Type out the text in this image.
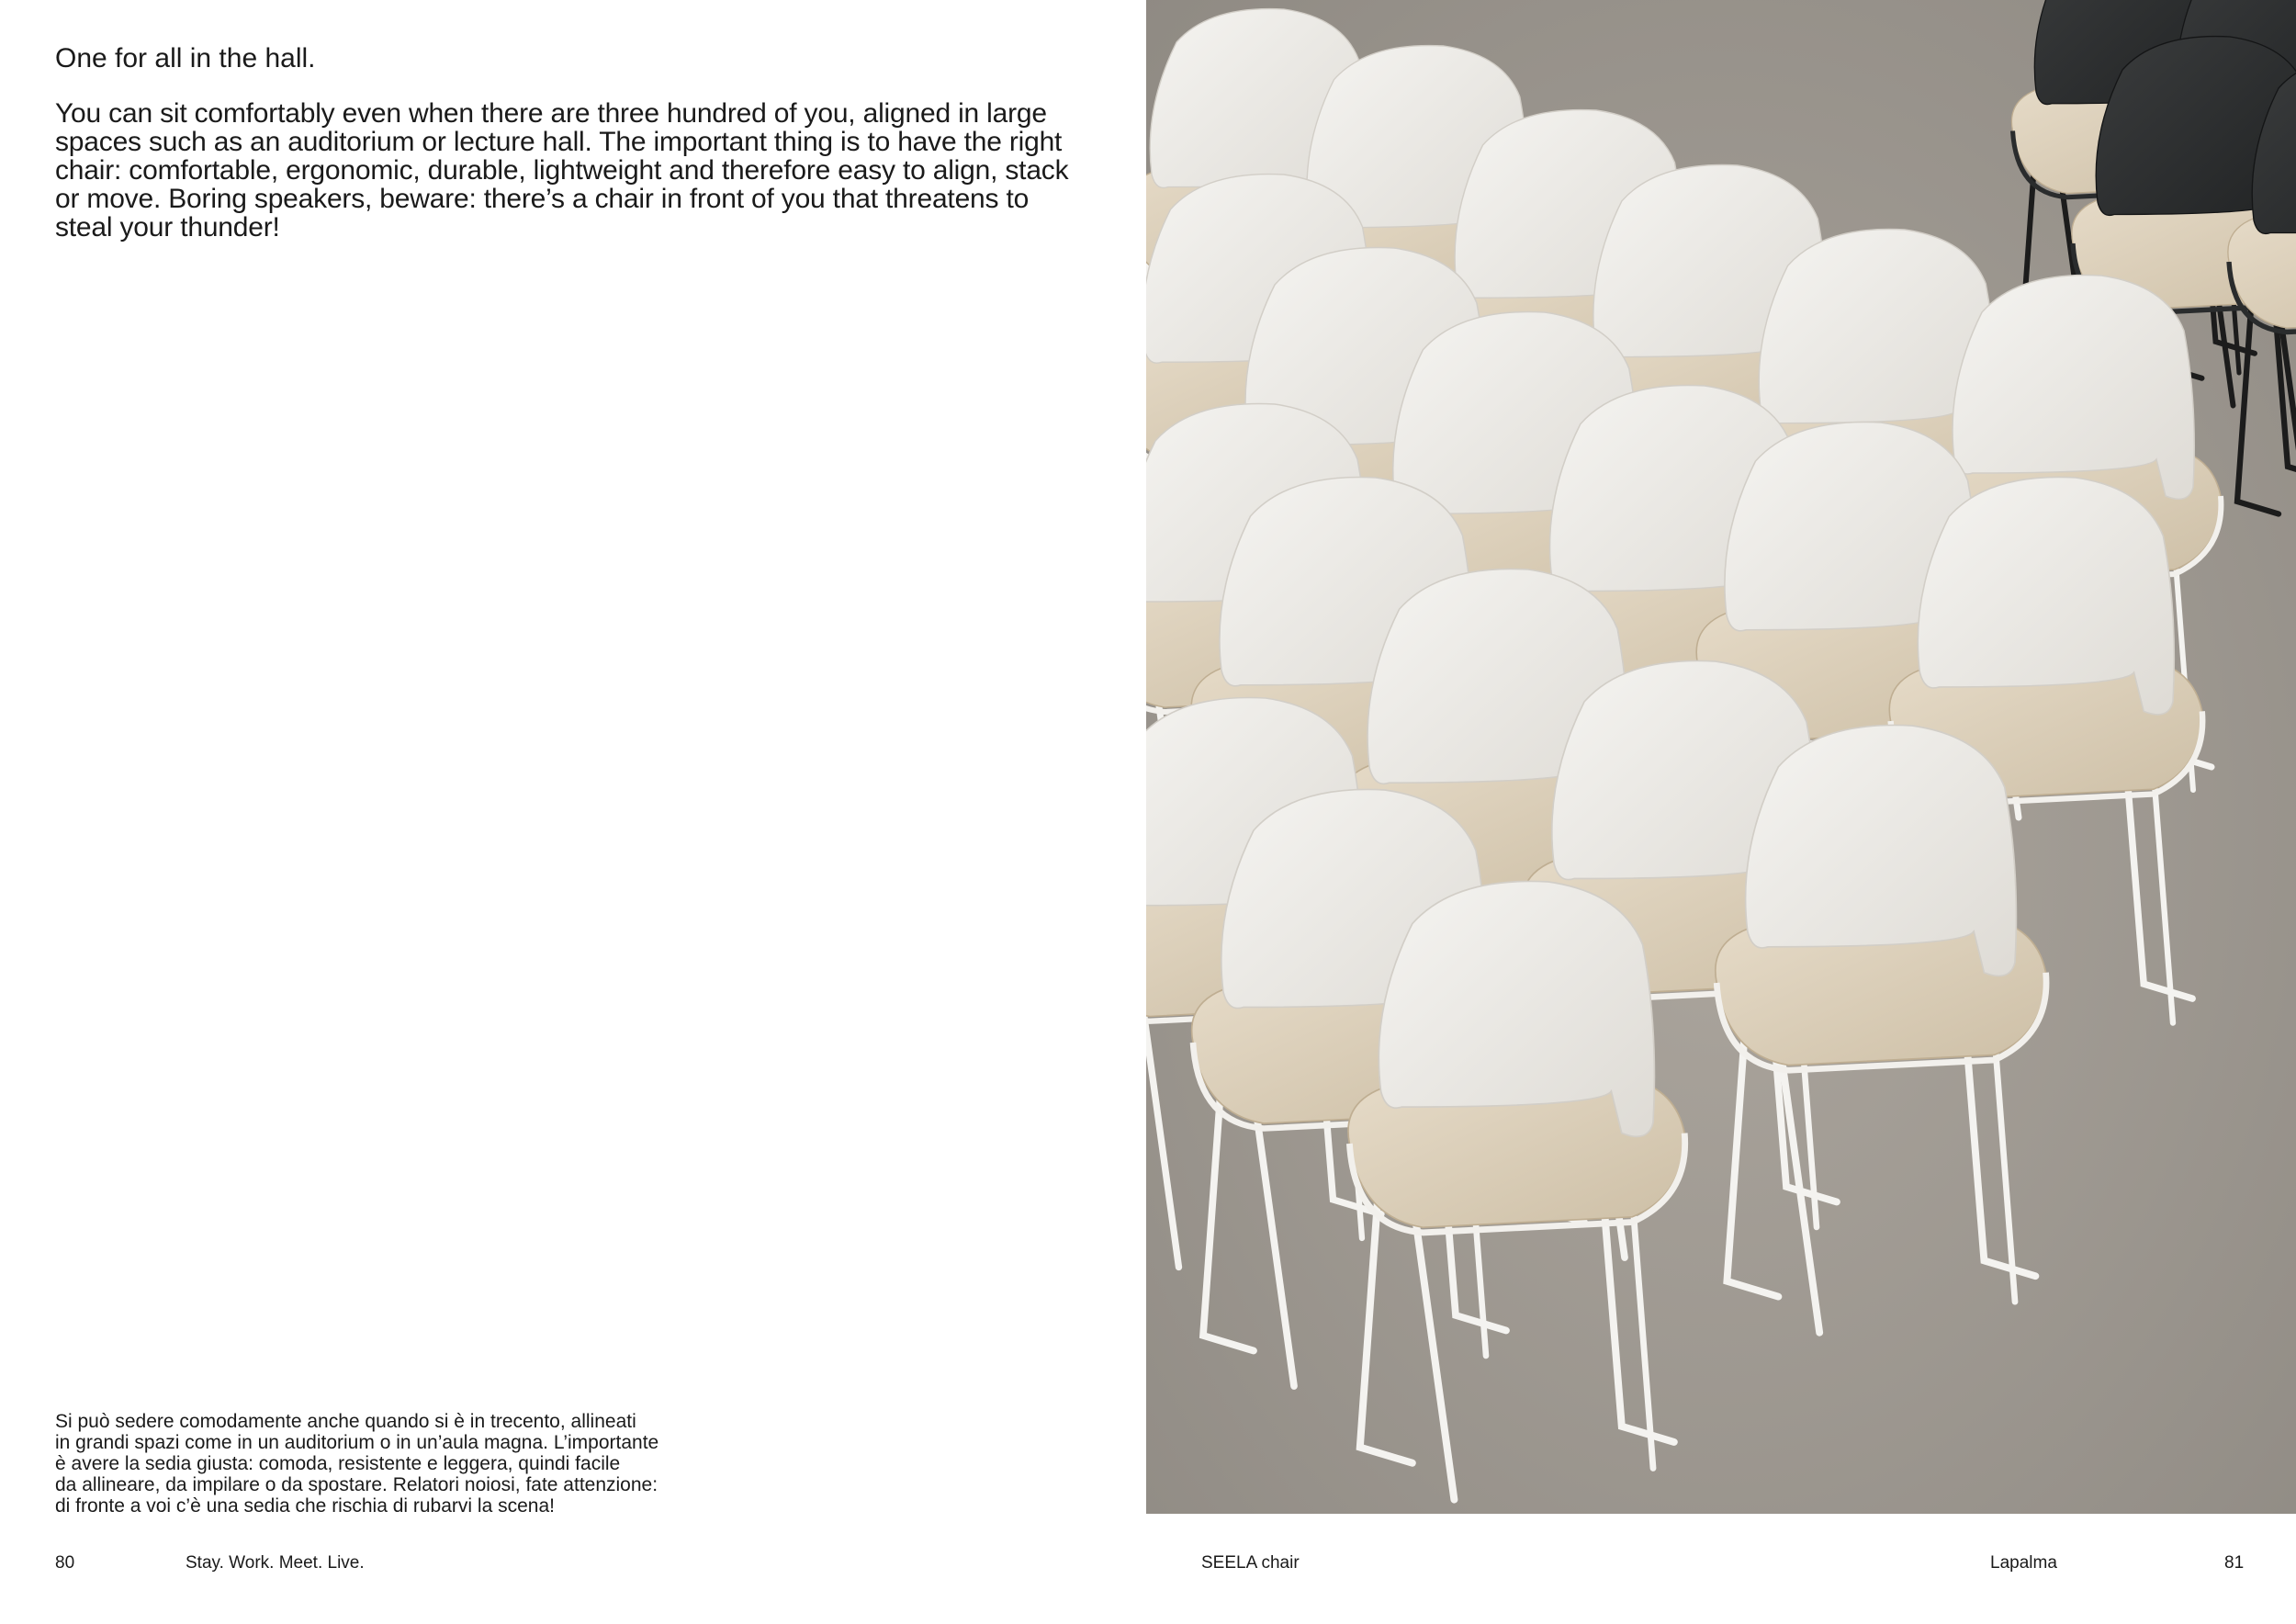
One for all in the hall.

You can sit comfortably even when there are three hundred of you, aligned in large spaces such as an auditorium or lecture hall. The important thing is to have the right chair: comfortable, ergonomic, durable, lightweight and therefore easy to align, stack or move. Boring speakers, beware: there’s a chair in front of you that threatens to steal your thunder!

Si può sedere comodamente anche quando si è in trecento, allineati
in grandi spazi come in un auditorium o in un’aula magna. L’importante
è avere la sedia giusta: comoda, resistente e leggera, quindi facile
da allineare, da impilare o da spostare. Relatori noiosi, fate attenzione:
di fronte a voi c’è una sedia che rischia di rubarvi la scena!

80	Stay. Work. Meet. Live.	SEELA chair	Lapalma	81
